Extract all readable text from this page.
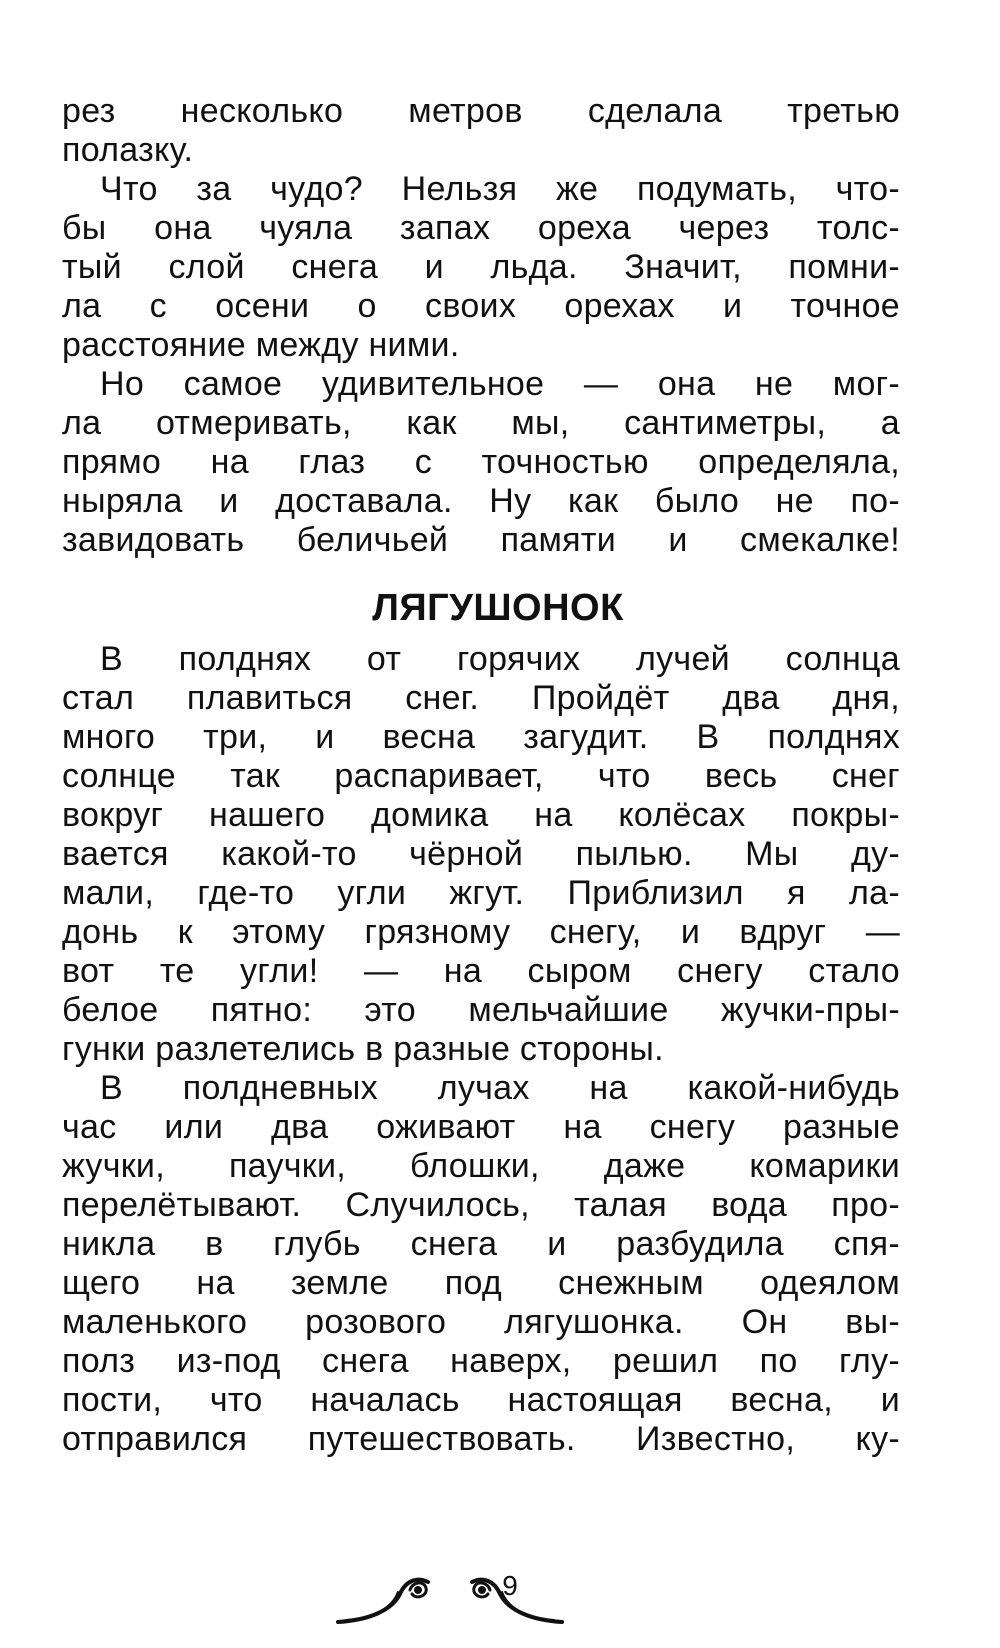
рез несколько метров сделала третью
полазку.
Что за чудо? Нельзя же подумать, что-
бы она чуяла запах ореха через толс-
тый слой снега и льда. Значит, помни-
ла с осени о своих орехах и точное
расстояние между ними.
Но самое удивительное — она не мог-
ла отмеривать, как мы, сантиметры, а
прямо на глаз с точностью определяла,
ныряла и доставала. Ну как было не по-
завидовать беличьей памяти и смекалке!
ЛЯГУШОНОК
В полднях от горячих лучей солнца
стал плавиться снег. Пройдёт два дня,
много три, и весна загудит. В полднях
солнце так распаривает, что весь снег
вокруг нашего домика на колёсах покры-
вается какой-то чёрной пылью. Мы ду-
мали, где-то угли жгут. Приблизил я ла-
донь к этому грязному снегу, и вдруг —
вот те угли! — на сыром снегу стало
белое пятно: это мельчайшие жучки-пры-
гунки разлетелись в разные стороны.
В полдневных лучах на какой-нибудь
час или два оживают на снегу разные
жучки, паучки, блошки, даже комарики
перелётывают. Случилось, талая вода про-
никла в глубь снега и разбудила спя-
щего на земле под снежным одеялом
маленького розового лягушонка. Он вы-
полз из-под снега наверх, решил по глу-
пости, что началась настоящая весна, и
отправился путешествовать. Известно, ку-
9
